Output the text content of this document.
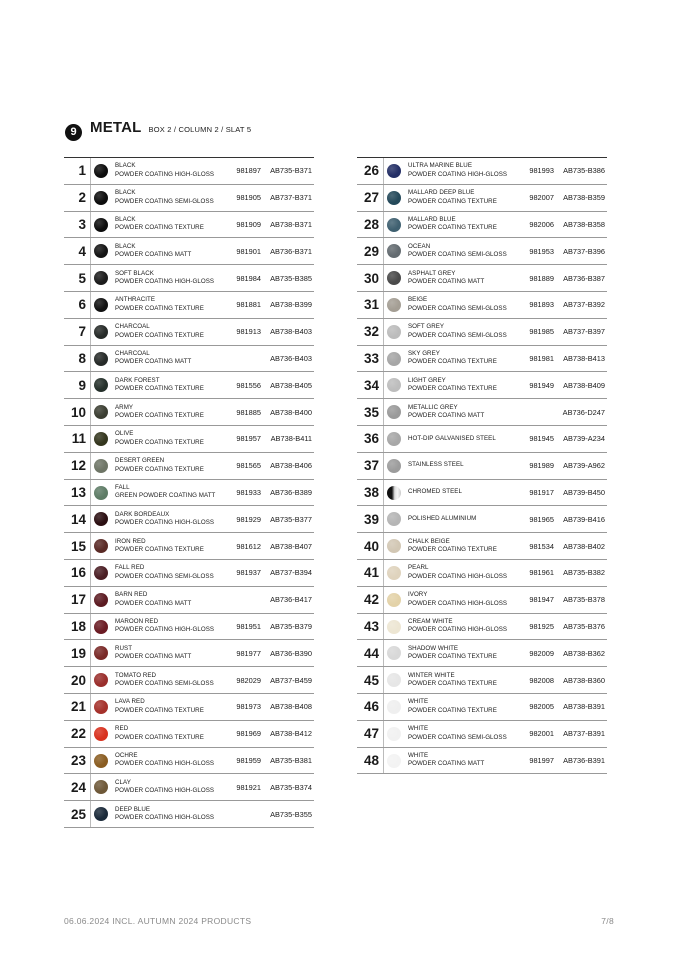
9 METAL BOX 2 / COLUMN 2 / SLAT 5
1	BLACK
POWDER COATING HIGH-GLOSS	981897 AB735-B371
2	BLACK
POWDER COATING SEMI-GLOSS	981905 AB737-B371
3	BLACK
POWDER COATING TEXTURE	981909 AB738-B371
4	BLACK
POWDER COATING MATT	981901 AB736-B371
5	SOFT BLACK
POWDER COATING HIGH-GLOSS	981984 AB735-B385
6	ANTHRACITE
POWDER COATING TEXTURE	981881 AB738-B399
7	CHARCOAL
POWDER COATING TEXTURE	981913 AB738-B403
8	CHARCOAL
POWDER COATING MATT	AB736-B403
9	DARK FOREST
POWDER COATING TEXTURE	981556 AB738-B405
10	ARMY
POWDER COATING TEXTURE	981885 AB738-B400
11	OLIVE
POWDER COATING TEXTURE	981957 AB738-B411
12	DESERT GREEN
POWDER COATING TEXTURE	981565 AB738-B406
13	FALL
GREEN POWDER COATING MATT	981933 AB736-B389
14	DARK BORDEAUX
POWDER COATING HIGH-GLOSS	981929 AB735-B377
15	IRON RED
POWDER COATING TEXTURE	981612 AB738-B407
16	FALL RED
POWDER COATING SEMI-GLOSS	981937 AB737-B394
17	BARN RED
POWDER COATING MATT	AB736-B417
18	MAROON RED
POWDER COATING HIGH-GLOSS	981951 AB735-B379
19	RUST
POWDER COATING MATT	981977 AB736-B390
20	TOMATO RED
POWDER COATING SEMI-GLOSS	982029 AB737-B459
21	LAVA RED
POWDER COATING TEXTURE	981973 AB738-B408
22	RED
POWDER COATING TEXTURE	981969 AB738-B412
23	OCHRE
POWDER COATING HIGH-GLOSS	981959 AB735-B381
24	CLAY
POWDER COATING HIGH-GLOSS	981921 AB735-B374
25	DEEP BLUE
POWDER COATING HIGH-GLOSS	AB735-B355
26	ULTRA MARINE BLUE
POWDER COATING HIGH-GLOSS	981993 AB735-B386
27	MALLARD DEEP BLUE
POWDER COATING TEXTURE	982007 AB738-B359
28	MALLARD BLUE
POWDER COATING TEXTURE	982006 AB738-B358
29	OCEAN
POWDER COATING SEMI-GLOSS	981953 AB737-B396
30	ASPHALT GREY
POWDER COATING MATT	981889 AB736-B387
31	BEIGE
POWDER COATING SEMI-GLOSS	981893 AB737-B392
32	SOFT GREY
POWDER COATING SEMI-GLOSS	981985 AB737-B397
33	SKY GREY
POWDER COATING TEXTURE	981981 AB738-B413
34	LIGHT GREY
POWDER COATING TEXTURE	981949 AB738-B409
35	METALLIC GREY
POWDER COATING MATT	AB736-D247
36	HOT-DIP GALVANISED STEEL	981945 AB739-A234
37	STAINLESS STEEL	981989 AB739-A962
38	CHROMED STEEL	981917 AB739-B450
39	POLISHED ALUMINIUM	981965 AB739-B416
40	CHALK BEIGE
POWDER COATING TEXTURE	981534 AB738-B402
41	PEARL
POWDER COATING HIGH-GLOSS	981961 AB735-B382
42	IVORY
POWDER COATING HIGH-GLOSS	981947 AB735-B378
43	CREAM WHITE
POWDER COATING HIGH-GLOSS	981925 AB735-B376
44	SHADOW WHITE
POWDER COATING TEXTURE	982009 AB738-B362
45	WINTER WHITE
POWDER COATING TEXTURE	982008 AB738-B360
46	WHITE
POWDER COATING TEXTURE	982005 AB738-B391
47	WHITE
POWDER COATING SEMI-GLOSS	982001 AB737-B391
48	WHITE
POWDER COATING MATT	981997 AB736-B391
06.06.2024 INCL. AUTUMN 2024 PRODUCTS	7/8
